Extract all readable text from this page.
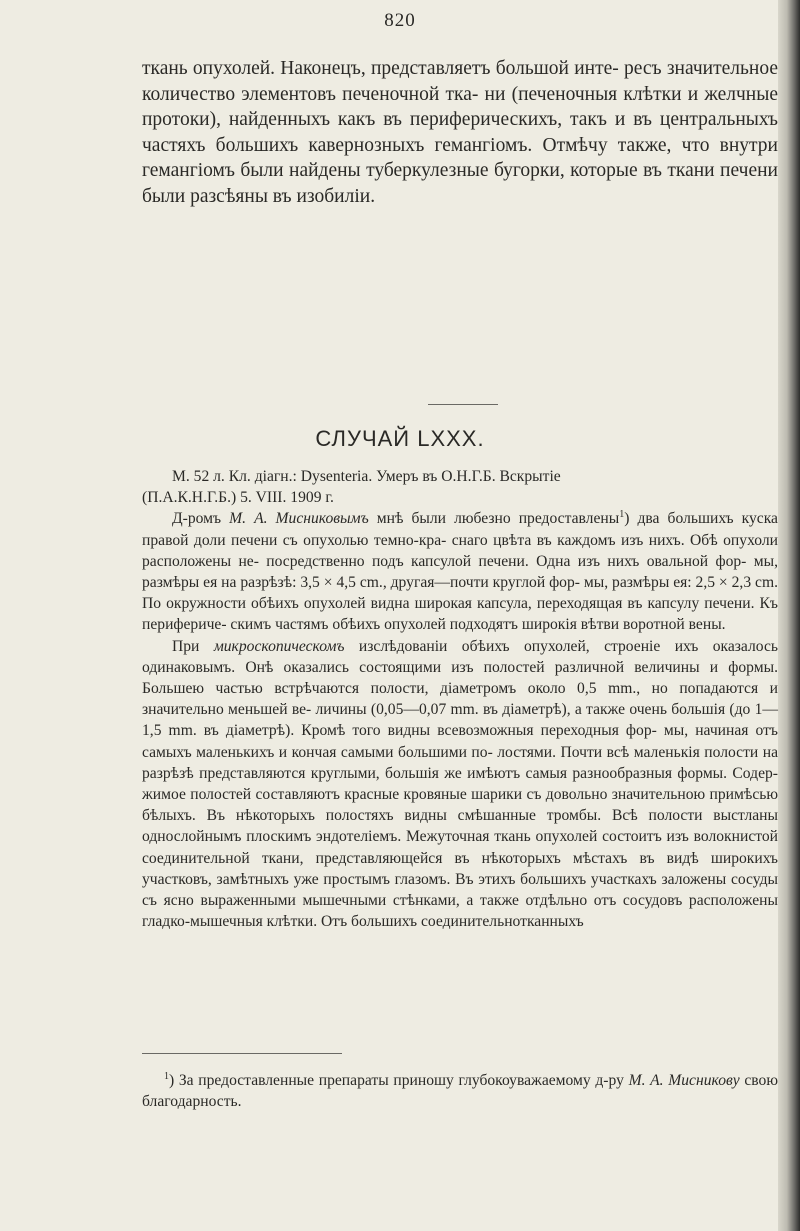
820

ткань опухолей. Наконецъ, представляетъ большой инте- ресъ значительное количество элементовъ печеночной тка- ни (печеночныя клѣтки и желчные протоки), найденныхъ какъ въ периферическихъ, такъ и въ центральныхъ частяхъ большихъ кавернозныхъ гемангіомъ. Отмѣчу также, что внутри гемангіомъ были найдены туберкулезные бугорки, которые въ ткани печени были разсѣяны въ изобиліи.

СЛУЧАЙ LXXX.

М. 52 л. Кл. діагн.: Dysenteria. Умеръ въ О.Н.Г.Б. Вскрытіе

(П.А.К.Н.Г.Б.) 5. VIII. 1909 г.

Д-ромъ М. А. Мисниковымъ мнѣ были любезно предоставлены$^1$) два большихъ куска правой доли печени съ опухолью темно-кра- снаго цвѣта въ каждомъ изъ нихъ. Обѣ опухоли расположены не- посредственно подъ капсулой печени. Одна изъ нихъ овальной фор- мы, размѣры ея на разрѣзѣ: 3,5 × 4,5 cm., другая—почти круглой фор- мы, размѣры ея: 2,5 × 2,3 cm. По окружности обѣихъ опухолей видна широкая капсула, переходящая въ капсулу печени. Къ перифериче- скимъ частямъ обѣихъ опухолей подходятъ широкія вѣтви воротной вены.

При микроскопическомъ изслѣдованіи обѣихъ опухолей, строеніе ихъ оказалось одинаковымъ. Онѣ оказались состоящими изъ полостей различной величины и формы. Большею частью встрѣчаются полости, діаметромъ около 0,5 mm., но попадаются и значительно меньшей ве- личины (0,05—0,07 mm. въ діаметрѣ), а также очень большія (до 1—1,5 mm. въ діаметрѣ). Кромѣ того видны всевозможныя переходныя фор- мы, начиная отъ самыхъ маленькихъ и кончая самыми большими по- лостями. Почти всѣ маленькія полости на разрѣзѣ представляются круглыми, большія же имѣютъ самыя разнообразныя формы. Содер- жимое полостей составляютъ красные кровяные шарики съ довольно значительною примѣсью бѣлыхъ. Въ нѣкоторыхъ полостяхъ видны смѣшанные тромбы. Всѣ полости выстланы однослойнымъ плоскимъ эндотеліемъ. Межуточная ткань опухолей состоитъ изъ волокнистой соединительной ткани, представляющейся въ нѣкоторыхъ мѣстахъ въ видѣ широкихъ участковъ, замѣтныхъ уже простымъ глазомъ. Въ этихъ большихъ участкахъ заложены сосуды съ ясно выраженными мышечными стѣнками, а также отдѣльно отъ сосудовъ расположены гладко-мышечныя клѣтки. Отъ большихъ соединительнотканныхъ

$^1$) За предоставленные препараты приношу глубокоуважаемому д-ру М. А. Мисникову свою благодарность.
